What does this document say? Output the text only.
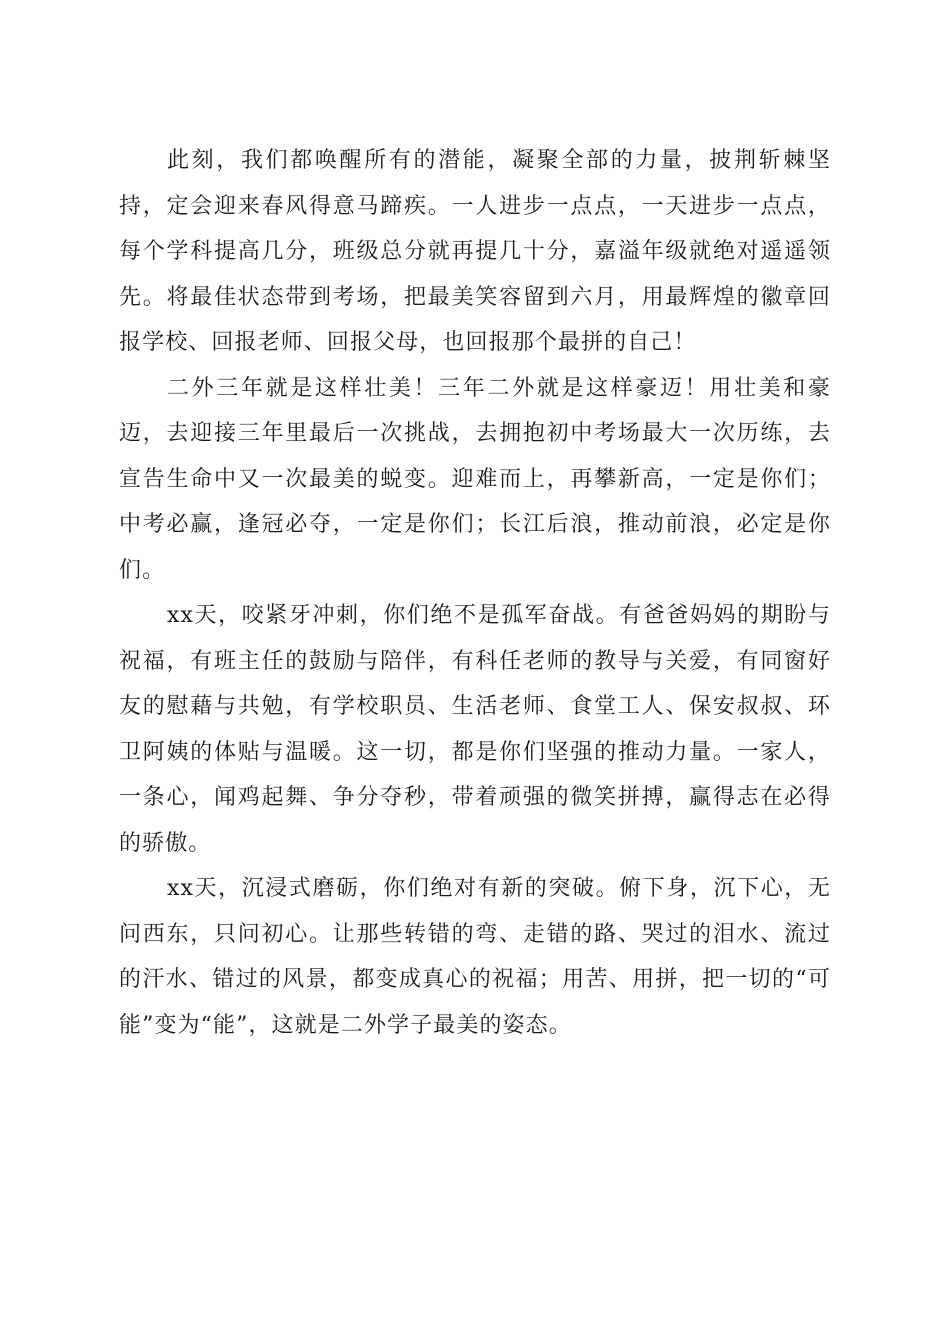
此刻，我们都唤醒所有的潜能，凝聚全部的力量，披荆斩棘坚持，定会迎来春风得意马蹄疾。一人进步一点点，一天进步一点点，每个学科提高几分，班级总分就再提几十分，嘉溢年级就绝对遥遥领先。将最佳状态带到考场，把最美笑容留到六月，用最辉煌的徽章回报学校、回报老师、回报父母，也回报那个最拼的自己！

二外三年就是这样壮美！三年二外就是这样豪迈！用壮美和豪迈，去迎接三年里最后一次挑战，去拥抱初中考场最大一次历练，去宣告生命中又一次最美的蜕变。迎难而上，再攀新高，一定是你们；中考必赢，逢冠必夺，一定是你们；长江后浪，推动前浪，必定是你们。

xx天，咬紧牙冲刺，你们绝不是孤军奋战。有爸爸妈妈的期盼与祝福，有班主任的鼓励与陪伴，有科任老师的教导与关爱，有同窗好友的慰藉与共勉，有学校职员、生活老师、食堂工人、保安叔叔、环卫阿姨的体贴与温暖。这一切，都是你们坚强的推动力量。一家人，一条心，闻鸡起舞、争分夺秒，带着顽强的微笑拼搏，赢得志在必得的骄傲。

xx天，沉浸式磨砺，你们绝对有新的突破。俯下身，沉下心，无问西东，只问初心。让那些转错的弯、走错的路、哭过的泪水、流过的汗水、错过的风景，都变成真心的祝福；用苦、用拼，把一切的“可能”变为“能”，这就是二外学子最美的姿态。
